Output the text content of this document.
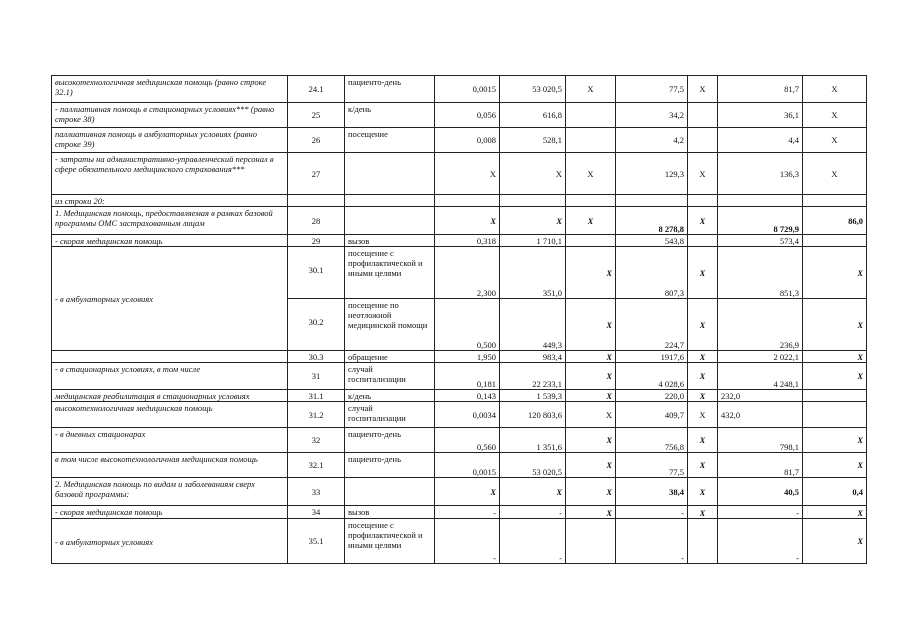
высокотехнологичная медицинская помощь (равно строке 32.1)	24.1	пациенто-день	0,0015	53 020,5	X	77,5	X	81,7	X
- паллиативная помощь в стационарных условиях*** (равно строке 38)	25	к/день	0,056	616,8		34,2		36,1	X
паллиативная помощь в амбулаторных условиях (равно строке 39)	26	посещение	0,008	528,1		4,2		4,4	X
- затраты на административно-управленческий персонал в сфере обязательного медицинского страхования***	27		X	X	X	129,3	X	136,3	X
из строки 20:									
1. Медицинская помощь, предоставляемая в рамках базовой программы ОМС застрахованным лицам	28		X	X	X	8 278,8	X	8 729,9	86,0
- скорая медицинская помощь	29	вызов	0,318	1 710,1		543,8		573,4	
- в амбулаторных условиях	30.1	посещение с профилактической и иными целями	2,300	351,0	X	807,3	X	851,3	X
	30.2	посещение по неотложной медицинской помощи	0,500	449,3	X	224,7	X	236,9	X
	30.3	обращение	1,950	983,4	X	1917,6	X	2 022,1	X
- в стационарных условиях, в том числе	31	случай госпитализации	0,181	22 233,1	X	4 028,6	X	4 248,1	X
медицинская реабилитация в стационарных условиях	31.1	к/день	0,143	1 539,3	X	220,0	X	232,0	
высокотехнологичная медицинская помощь	31.2	случай госпитализации	0,0034	120 803,6	X	409,7	X	432,0	
- в дневных стационарах	32	пациенто-день	0,560	1 351,6	X	756,8	X	798,1	X
в том числе высокотехнологичная медицинская помощь	32.1	пациенто-день	0,0015	53 020,5	X	77,5	X	81,7	X
2. Медицинская помощь по видам и заболеваниям сверх базовой программы:	33		X	X	X	38,4	X	40,5	0,4
- скорая медицинская помощь	34	вызов	-	-	X	-	X	-	X
- в амбулаторных условиях	35.1	посещение с профилактической и иными целями	-	-		-		-	X
